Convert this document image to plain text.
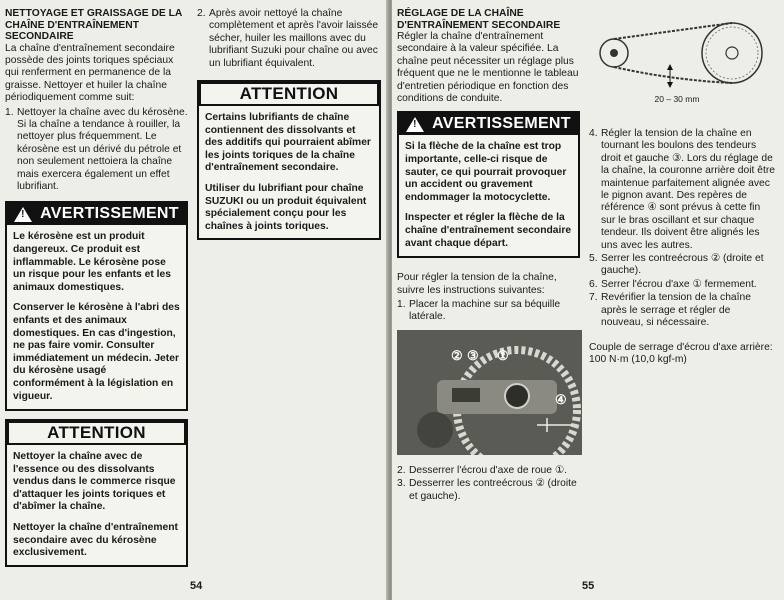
NETTOYAGE ET GRAISSAGE DE LA CHAÎNE D'ENTRAÎNEMENT SECONDAIRE
La chaîne d'entraînement secondaire possède des joints toriques spéciaux qui renferment en permanence de la graisse. Nettoyer et huiler la chaîne périodiquement comme suit:
1. Nettoyer la chaîne avec du kérosène. Si la chaîne a tendance à rouiller, la nettoyer plus fréquemment. Le kérosène est un dérivé du pétrole et non seulement nettoiera la chaîne mais exercera également un effet lubrifiant.
!
AVERTISSEMENT
Le kérosène est un produit dangereux. Ce produit est inflammable. Le kérosène pose un risque pour les enfants et les animaux domestiques.
Conserver le kérosène à l'abri des enfants et des animaux domestiques. En cas d'ingestion, ne pas faire vomir. Consulter immédiatement un médecin. Jeter du kérosène usagé conformément à la législation en vigueur.
ATTENTION
Nettoyer la chaîne avec de l'essence ou des dissolvants vendus dans le commerce risque d'attaquer les joints toriques et d'abîmer la chaîne.
Nettoyer la chaîne d'entraînement secondaire avec du kérosène exclusivement.
2. Après avoir nettoyé la chaîne complètement et après l'avoir laissée sécher, huiler les maillons avec du lubrifiant Suzuki pour chaîne ou avec un lubrifiant équivalent.
ATTENTION
Certains lubrifiants de chaîne contiennent des dissolvants et des additifs qui pourraient abîmer les joints toriques de la chaîne d'entraînement secondaire.
Utiliser du lubrifiant pour chaîne SUZUKI ou un produit équivalent spécialement conçu pour les chaînes à joints toriques.
54
RÉGLAGE DE LA CHAÎNE D'ENTRAÎNEMENT SECONDAIRE
Régler la chaîne d'entraînement secondaire à la valeur spécifiée. La chaîne peut nécessiter un réglage plus fréquent que ne le mentionne le tableau d'entretien périodique en fonction des conditions de conduite.
!
AVERTISSEMENT
Si la flèche de la chaîne est trop importante, celle-ci risque de sauter, ce qui pourrait provoquer un accident ou gravement endommager la motocyclette.
Inspecter et régler la flèche de la chaîne d'entraînement secondaire avant chaque départ.
Pour régler la tension de la chaîne, suivre les instructions suivantes:
1. Placer la machine sur sa béquille latérale.
② ③ ①
④
2. Desserrer l'écrou d'axe de roue ①.
3. Desserrer les contreécrous ② (droite et gauche).
20 – 30 mm
4. Régler la tension de la chaîne en tournant les boulons des tendeurs droit et gauche ③. Lors du réglage de la chaîne, la couronne arrière doit être maintenue parfaitement alignée avec le pignon avant. Des repères de référence ④ sont prévus à cette fin sur le bras oscillant et sur chaque tendeur. Ils doivent être alignés les uns avec les autres.
5. Serrer les contreécrous ② (droite et gauche).
6. Serrer l'écrou d'axe ① fermement.
7. Revérifier la tension de la chaîne après le serrage et régler de nouveau, si nécessaire.
Couple de serrage d'écrou d'axe arrière: 100 N·m (10,0 kgf-m)
55
